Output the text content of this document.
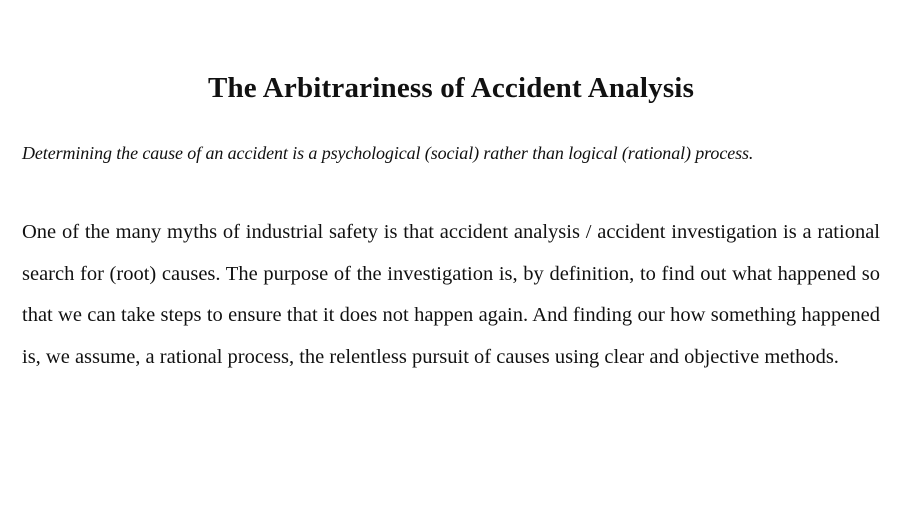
The Arbitrariness of Accident Analysis

Determining the cause of an accident is a psychological (social) rather than logical (rational) process.

One of the many myths of industrial safety is that accident analysis / accident investigation is a rational search for (root) causes. The purpose of the investigation is, by definition, to find out what happened so that we can take steps to ensure that it does not happen again. And finding our how something happened is, we assume, a rational process, the relentless pursuit of causes using clear and objective methods.
